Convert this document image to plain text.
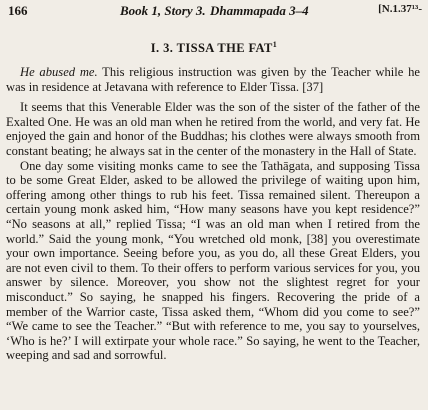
166	Book 1, Story 3. Dhammapada 3–4	[N.1.37¹³-
I. 3. TISSA THE FAT$^1$

He abused me. This religious instruction was given by the Teacher while he was in residence at Jetavana with reference to Elder Tissa. [37]

It seems that this Venerable Elder was the son of the sister of the father of the Exalted One. He was an old man when he retired from the world, and very fat. He enjoyed the gain and honor of the Buddhas; his clothes were always smooth from constant beating; he always sat in the center of the monastery in the Hall of State.

One day some visiting monks came to see the Tathāgata, and supposing Tissa to be some Great Elder, asked to be allowed the privilege of waiting upon him, offering among other things to rub his feet. Tissa remained silent. Thereupon a certain young monk asked him, “How many seasons have you kept residence?” “No seasons at all,” replied Tissa; “I was an old man when I retired from the world.” Said the young monk, “You wretched old monk, [38] you overestimate your own importance. Seeing before you, as you do, all these Great Elders, you are not even civil to them. To their offers to perform various services for you, you answer by silence. Moreover, you show not the slightest regret for your misconduct.” So saying, he snapped his fingers. Recovering the pride of a member of the Warrior caste, Tissa asked them, “Whom did you come to see?” “We came to see the Teacher.” “But with reference to me, you say to yourselves, ‘Who is he?’ I will extirpate your whole race.” So saying, he went to the Teacher, weeping and sad and sorrowful.
